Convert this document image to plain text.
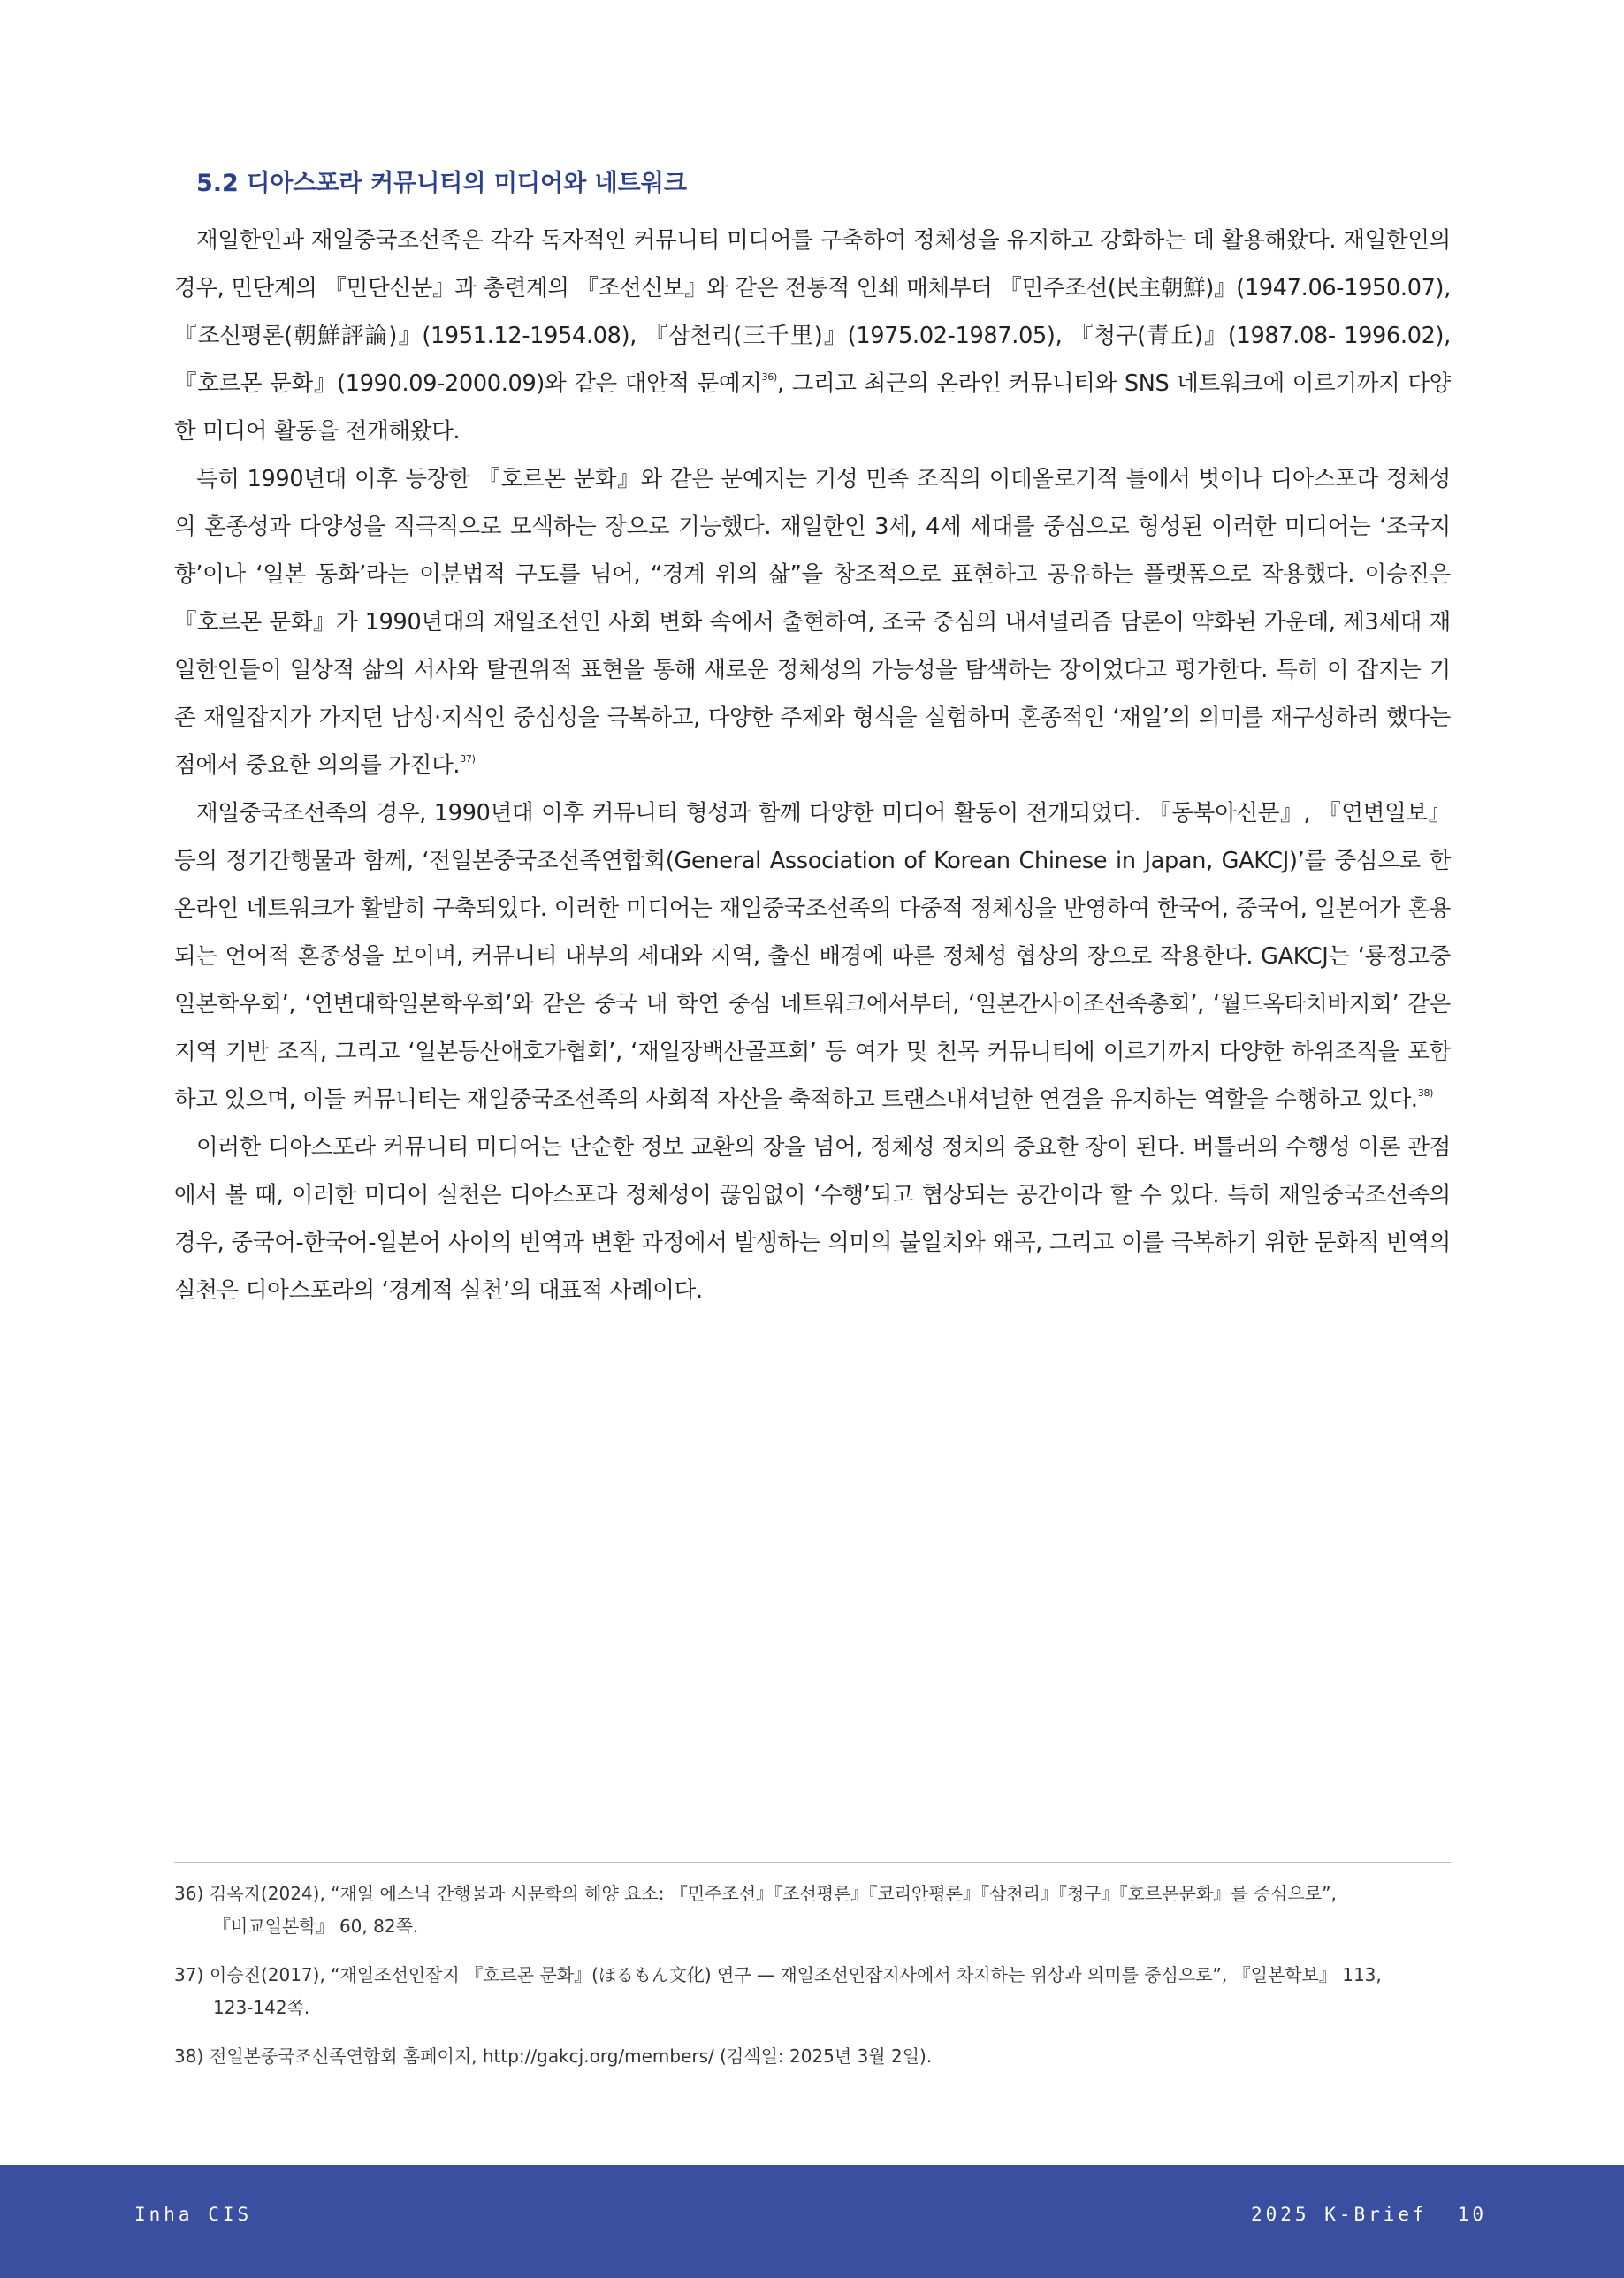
5.2 디아스포라 커뮤니티의 미디어와 네트워크

재일한인과 재일중국조선족은 각각 독자적인 커뮤니티 미디어를 구축하여 정체성을 유지하고 강화하는 데 활용해왔다. 재일한인의 경우, 민단계의 『민단신문』과 총련계의 『조선신보』와 같은 전통적 인쇄 매체부터 『민주조선(民主朝鮮)』(1947.06-1950.07), 『조선평론(朝鮮評論)』(1951.12-1954.08), 『삼천리(三千里)』(1975.02-1987.05), 『청구(青丘)』(1987.08- 1996.02), 『호르몬 문화』(1990.09-2000.09)와 같은 대안적 문예지$^{36)}$, 그리고 최근의 온라인 커뮤니티와 SNS 네트워크에 이르기까지 다양한 미디어 활동을 전개해왔다.

특히 1990년대 이후 등장한 『호르몬 문화』와 같은 문예지는 기성 민족 조직의 이데올로기적 틀에서 벗어나 디아스포라 정체성의 혼종성과 다양성을 적극적으로 모색하는 장으로 기능했다. 재일한인 3세, 4세 세대를 중심으로 형성된 이러한 미디어는 ‘조국지향’이나 ‘일본 동화’라는 이분법적 구도를 넘어, “경계 위의 삶”을 창조적으로 표현하고 공유하는 플랫폼으로 작용했다. 이승진은 『호르몬 문화』가 1990년대의 재일조선인 사회 변화 속에서 출현하여, 조국 중심의 내셔널리즘 담론이 약화된 가운데, 제3세대 재일한인들이 일상적 삶의 서사와 탈권위적 표현을 통해 새로운 정체성의 가능성을 탐색하는 장이었다고 평가한다. 특히 이 잡지는 기존 재일잡지가 가지던 남성·지식인 중심성을 극복하고, 다양한 주제와 형식을 실험하며 혼종적인 ‘재일’의 의미를 재구성하려 했다는 점에서 중요한 의의를 가진다.$^{37)}$

재일중국조선족의 경우, 1990년대 이후 커뮤니티 형성과 함께 다양한 미디어 활동이 전개되었다. 『동북아신문』, 『연변일보』 등의 정기간행물과 함께, ‘전일본중국조선족연합회(General Association of Korean Chinese in Japan, GAKCJ)’를 중심으로 한 온라인 네트워크가 활발히 구축되었다. 이러한 미디어는 재일중국조선족의 다중적 정체성을 반영하여 한국어, 중국어, 일본어가 혼용되는 언어적 혼종성을 보이며, 커뮤니티 내부의 세대와 지역, 출신 배경에 따른 정체성 협상의 장으로 작용한다. GAKCJ는 ‘룡정고중일본학우회’, ‘연변대학일본학우회’와 같은 중국 내 학연 중심 네트워크에서부터, ‘일본간사이조선족총회’, ‘월드옥타치바지회’ 같은 지역 기반 조직, 그리고 ‘일본등산애호가협회’, ‘재일장백산골프회’ 등 여가 및 친목 커뮤니티에 이르기까지 다양한 하위조직을 포함하고 있으며, 이들 커뮤니티는 재일중국조선족의 사회적 자산을 축적하고 트랜스내셔널한 연결을 유지하는 역할을 수행하고 있다.$^{38)}$

이러한 디아스포라 커뮤니티 미디어는 단순한 정보 교환의 장을 넘어, 정체성 정치의 중요한 장이 된다. 버틀러의 수행성 이론 관점에서 볼 때, 이러한 미디어 실천은 디아스포라 정체성이 끊임없이 ‘수행’되고 협상되는 공간이라 할 수 있다. 특히 재일중국조선족의 경우, 중국어-한국어-일본어 사이의 번역과 변환 과정에서 발생하는 의미의 불일치와 왜곡, 그리고 이를 극복하기 위한 문화적 번역의 실천은 디아스포라의 ‘경계적 실천’의 대표적 사례이다.

36) 김옥지(2024), “재일 에스닉 간행물과 시문학의 해양 요소: 『민주조선』『조선평론』『코리안평론』『삼천리』『청구』『호르몬문화』를 중심으로”,
『비교일본학』 60, 82쪽.
37) 이승진(2017), “재일조선인잡지 『호르몬 문화』(ほるもん文化) 연구 — 재일조선인잡지사에서 차지하는 위상과 의미를 중심으로”, 『일본학보』 113,
123-142쪽.
38) 전일본중국조선족연합회 홈페이지, http://gakcj.org/members/ (검색일: 2025년 3월 2일).
Inha CIS	2025 K-Brief 10
